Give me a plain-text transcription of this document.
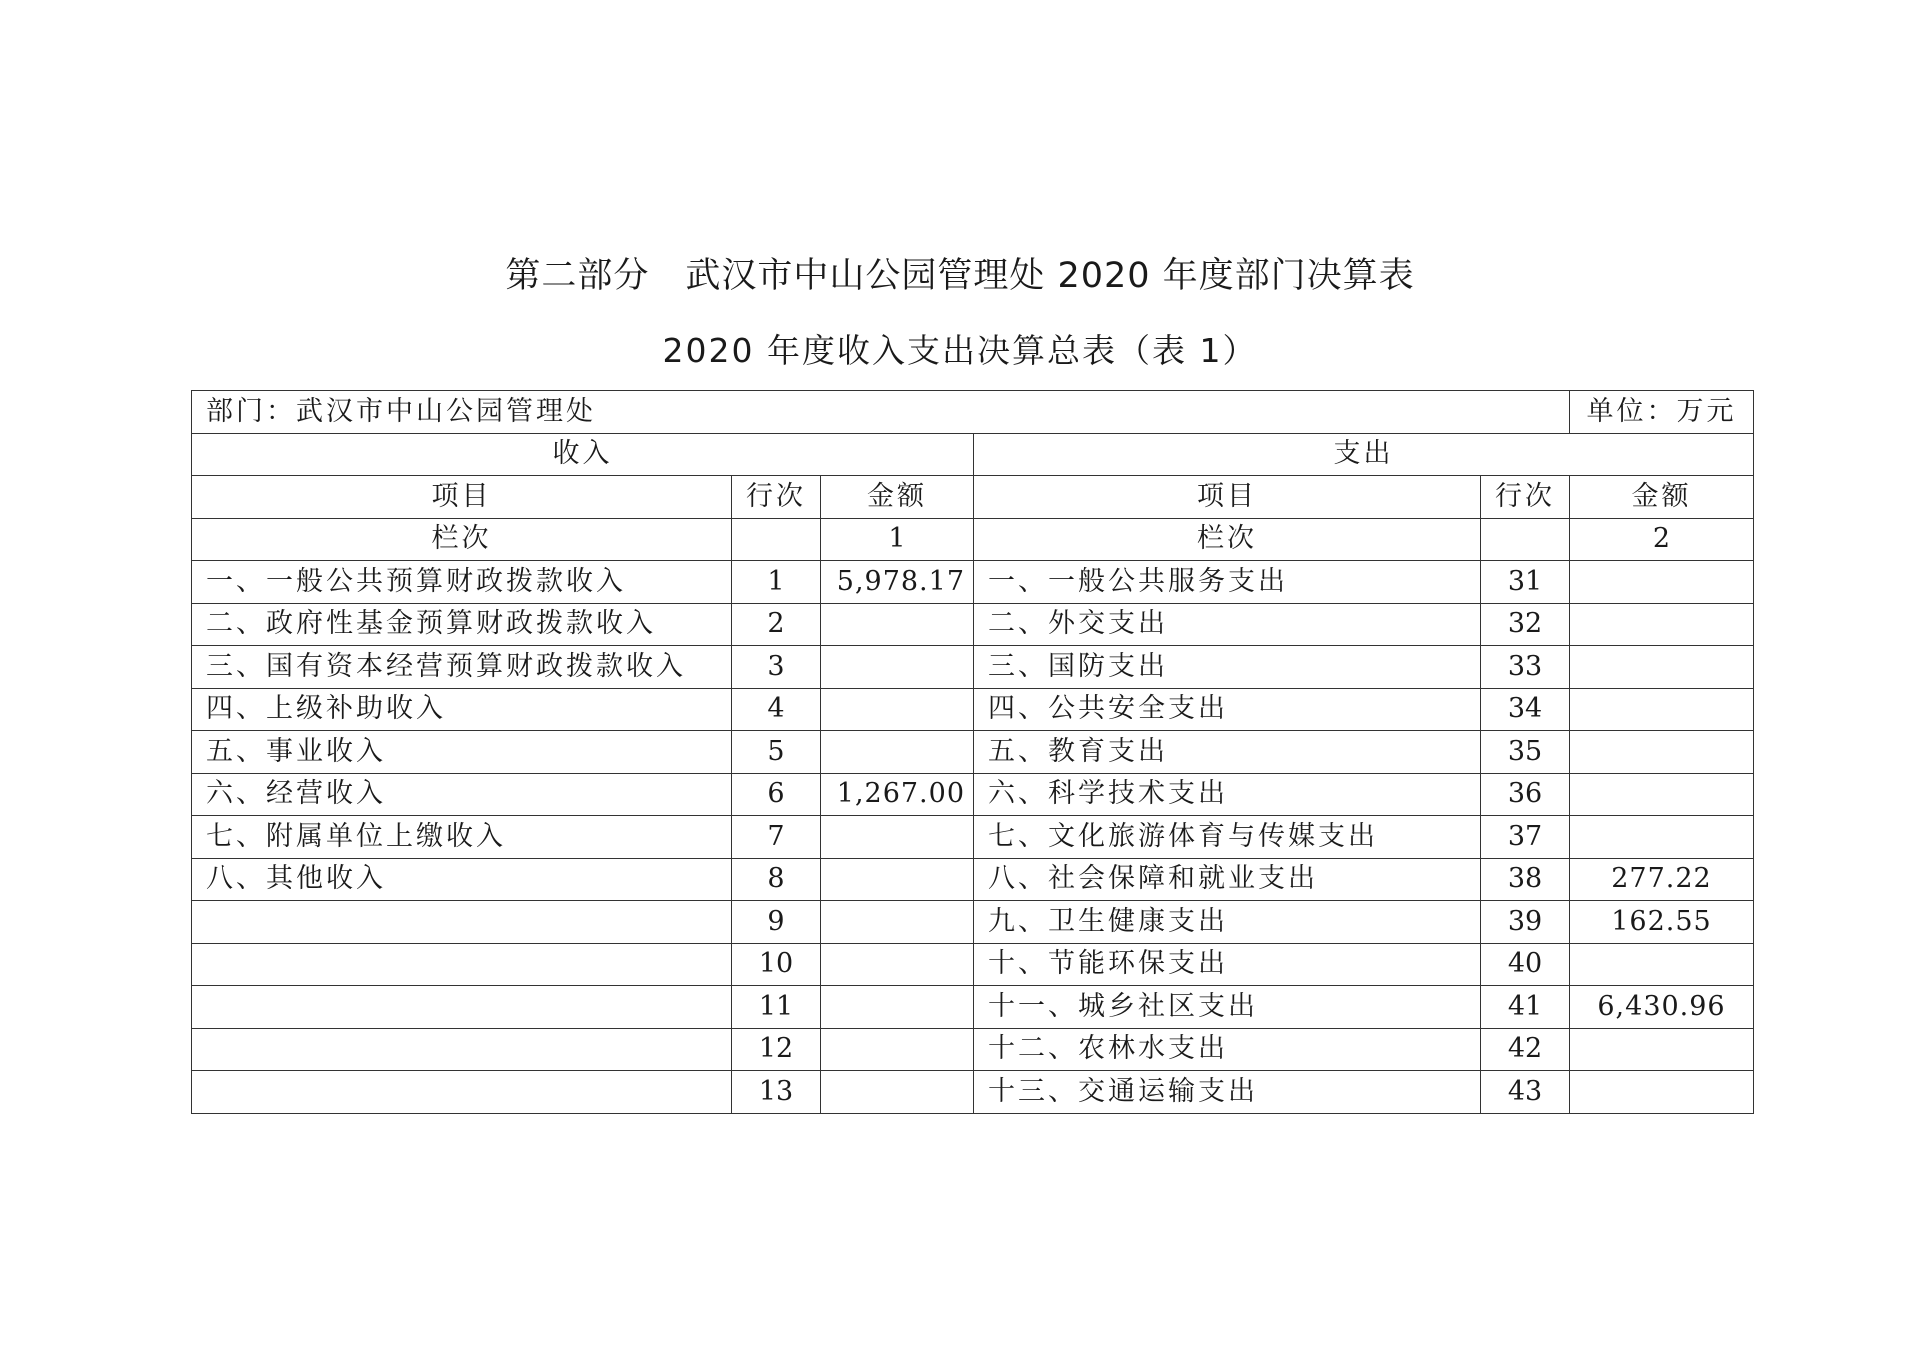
第二部分　武汉市中山公园管理处 2020 年度部门决算表
2020 年度收入支出决算总表（表 1）
部门：武汉市中山公园管理处					单位：万元
收入			支出		
项目	行次	金额	项目	行次	金额
栏次		1	栏次		2
一、一般公共预算财政拨款收入	1	5,978.17	一、一般公共服务支出	31	
二、政府性基金预算财政拨款收入	2		二、外交支出	32	
三、国有资本经营预算财政拨款收入	3		三、国防支出	33	
四、上级补助收入	4		四、公共安全支出	34	
五、事业收入	5		五、教育支出	35	
六、经营收入	6	1,267.00	六、科学技术支出	36	
七、附属单位上缴收入	7		七、文化旅游体育与传媒支出	37	
八、其他收入	8		八、社会保障和就业支出	38	277.22
	9		九、卫生健康支出	39	162.55
	10		十、节能环保支出	40	
	11		十一、城乡社区支出	41	6,430.96
	12		十二、农林水支出	42	
	13		十三、交通运输支出	43	
